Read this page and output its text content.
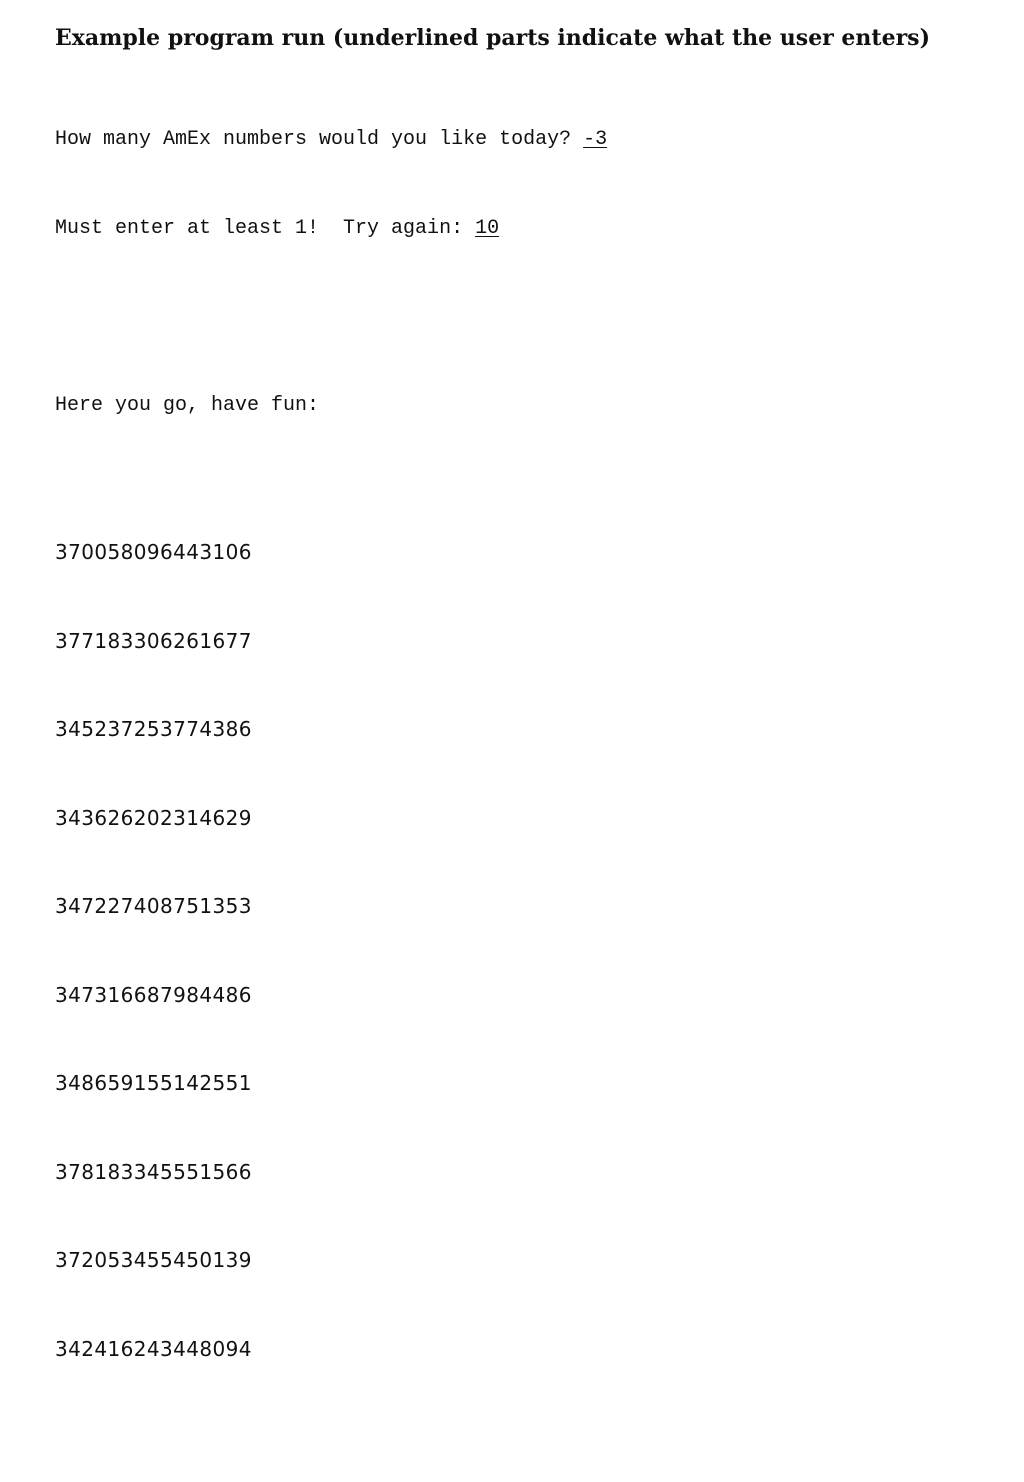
Example program run (underlined parts indicate what the user enters)

How many AmEx numbers would you like today? -3

Must enter at least 1!  Try again: 10

Here you go, have fun:

370058096443106

377183306261677

345237253774386

343626202314629

347227408751353

347316687984486

348659155142551

378183345551566

372053455450139

342416243448094
